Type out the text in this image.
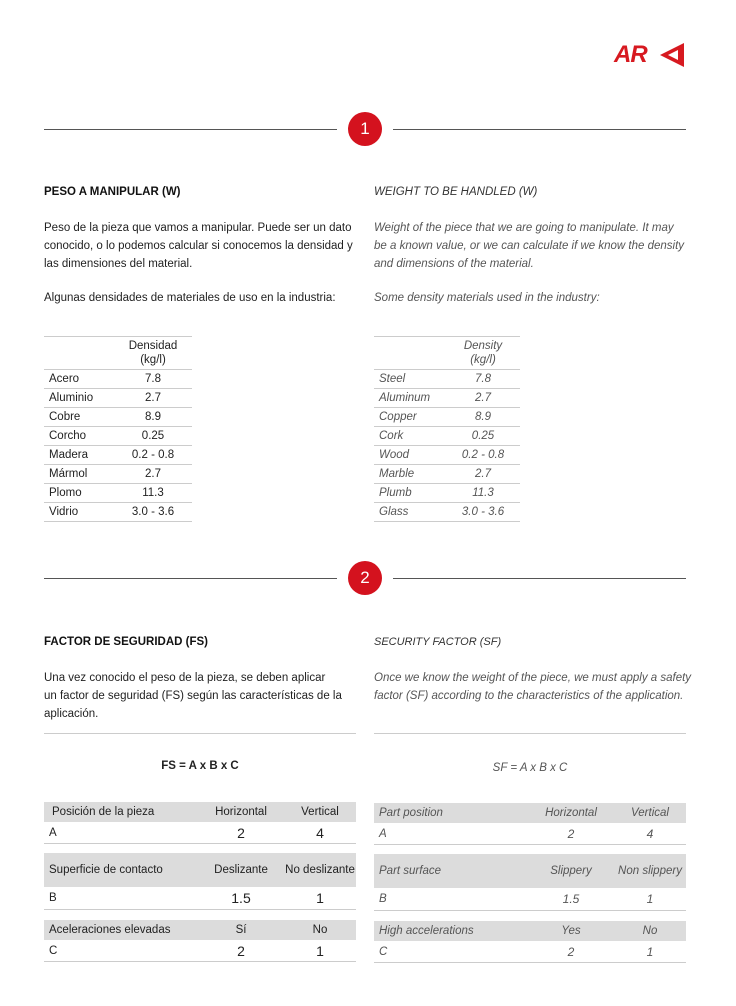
AR
1
PESO A MANIPULAR (W)
Peso de la pieza que vamos a manipular. Puede ser un dato
conocido, o lo podemos calcular si conocemos la densidad y
las dimensiones del material.
Algunas densidades de materiales de uso en la industria:

	Densidad
(kg/l)

Acero	7.8
Aluminio	2.7
Cobre	8.9
Corcho	0.25
Madera	0.2 - 0.8
Mármol	2.7
Plomo	11.3
Vidrio	3.0 - 3.6
WEIGHT TO BE HANDLED (W)
Weight of the piece that we are going to manipulate. It may
be a known value, or we can calculate if we know the density
and dimensions of the material.
Some density materials used in the industry:

	Density
(kg/l)

Steel	7.8
Aluminum	2.7
Copper	8.9
Cork	0.25
Wood	0.2 - 0.8
Marble	2.7
Plumb	11.3
Glass	3.0 - 3.6
2
FACTOR DE SEGURIDAD (FS)
Una vez conocido el peso de la pieza, se deben aplicar
un factor de seguridad (FS) según las características de la
aplicación.
FS = A x B x C
Posición de la pieza	Horizontal	Vertical
A	2	4
Superficie de contacto	Deslizante	No deslizante
B	1.5	1
Aceleraciones elevadas	Sí	No
C	2	1
SECURITY FACTOR (SF)
Once we know the weight of the piece, we must apply a safety
factor (SF) according to the characteristics of the application.
SF = A x B x C
Part position	Horizontal	Vertical
A	2	4
Part surface	Slippery	Non slippery
B	1.5	1
High accelerations	Yes	No
C	2	1
